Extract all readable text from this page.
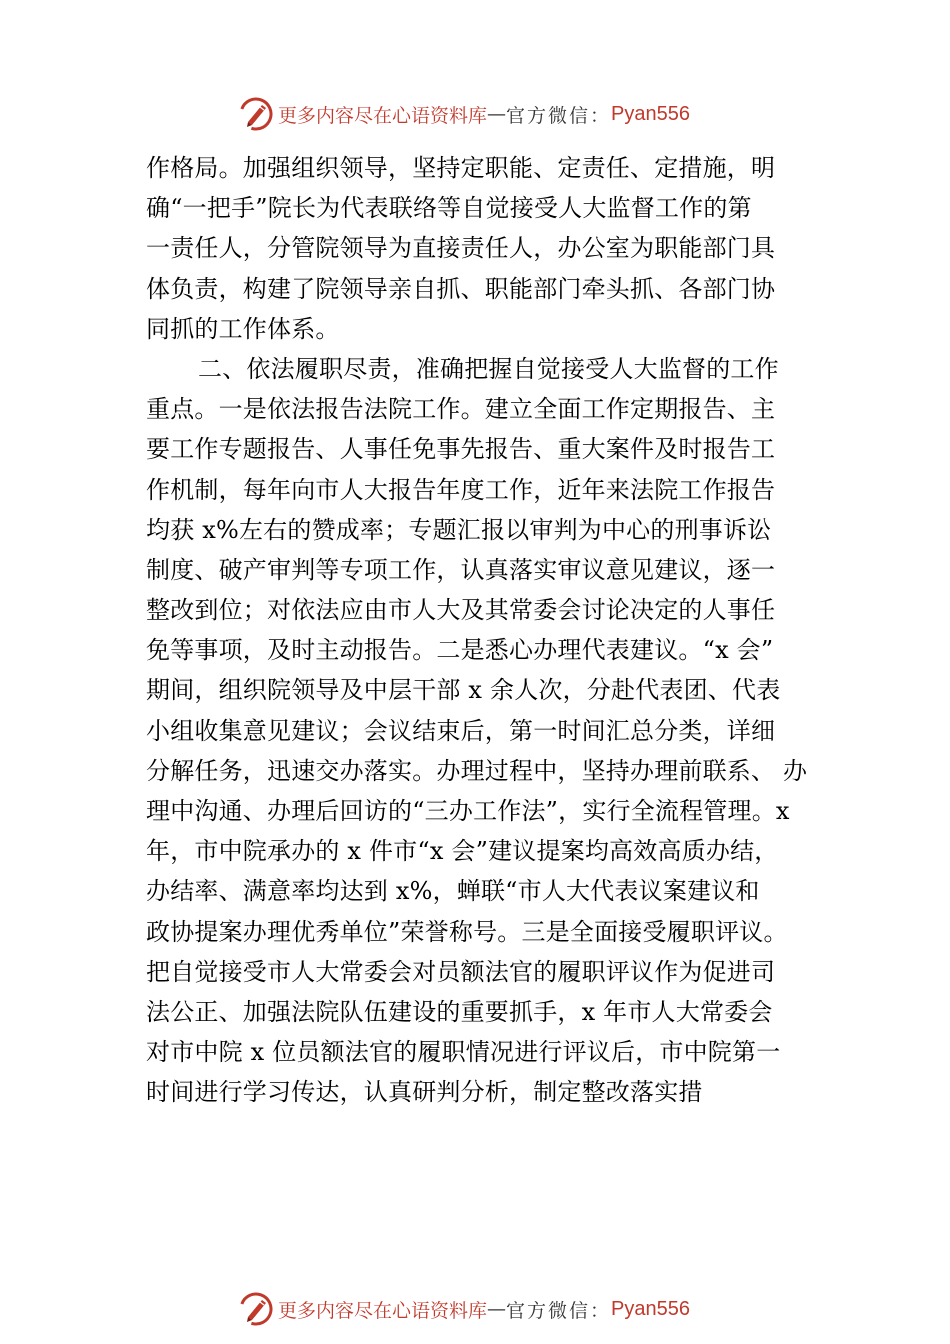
更多内容尽在心语资料库 — 官方微信： Pyan556
作格局。加强组织领导，坚持定职能、定责任、定措施，明
确“一把手”院长为代表联络等自觉接受人大监督工作的第
一责任人，分管院领导为直接责任人，办公室为职能部门具
体负责，构建了院领导亲自抓、职能部门牵头抓、各部门协
同抓的工作体系。
二、依法履职尽责，准确把握自觉接受人大监督的工作
重点。一是依法报告法院工作。建立全面工作定期报告、主
要工作专题报告、人事任免事先报告、重大案件及时报告工
作机制，每年向市人大报告年度工作，近年来法院工作报告
均获 x%左右的赞成率；专题汇报以审判为中心的刑事诉讼
制度、破产审判等专项工作，认真落实审议意见建议，逐一
整改到位；对依法应由市人大及其常委会讨论决定的人事任
免等事项，及时主动报告。二是悉心办理代表建议。“x 会”
期间，组织院领导及中层干部 x 余人次，分赴代表团、代表
小组收集意见建议；会议结束后，第一时间汇总分类，详细
分解任务，迅速交办落实。办理过程中，坚持办理前联系、 办
理中沟通、办理后回访的“三办工作法”，实行全流程管理。x
年，市中院承办的 x 件市“x 会”建议提案均高效高质办结，
办结率、满意率均达到 x%，蝉联“市人大代表议案建议和
政协提案办理优秀单位”荣誉称号。三是全面接受履职评议。
把自觉接受市人大常委会对员额法官的履职评议作为促进司
法公正、加强法院队伍建设的重要抓手，x 年市人大常委会
对市中院 x 位员额法官的履职情况进行评议后，市中院第一
时间进行学习传达，认真研判分析，制定整改落实措
更多内容尽在心语资料库 — 官方微信： Pyan556
